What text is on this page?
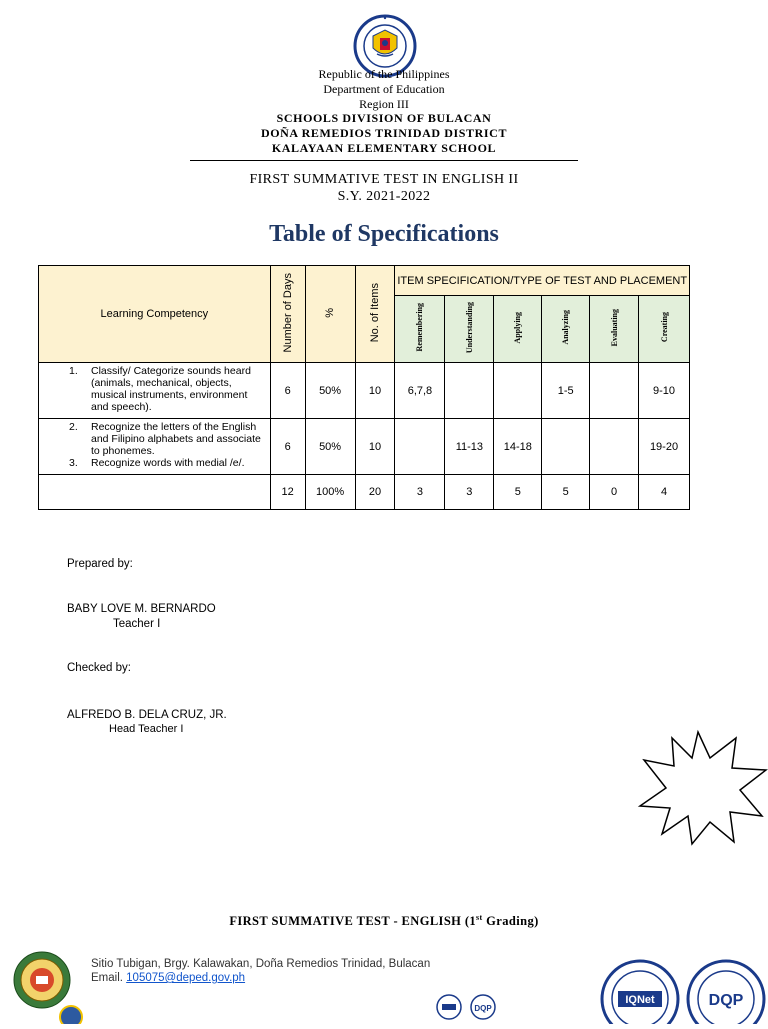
Republic of the Philippines
Department of Education
Region III
SCHOOLS DIVISION OF BULACAN
DOÑA REMEDIOS TRINIDAD DISTRICT
KALAYAAN ELEMENTARY SCHOOL
FIRST SUMMATIVE TEST IN ENGLISH II
S.Y. 2021-2022
Table of Specifications
Learning Competency	Number of Days	%	No. of Items	ITEM SPECIFICATION/TYPE OF TEST AND PLACEMENT					
				Remembering	Understanding	Applying	Analyzing	Evaluating	Creating

1. Classify/ Categorize sounds heard (animals, mechanical, objects, musical instruments, environment and speech).	6	50%	10	6,7,8			1-5		9-10

2. Recognize the letters of the English and Filipino alphabets and associate to phonemes.
3. Recognize words with medial /e/.	6	50%	10		11-13	14-18			19-20
	12	100%	20	3	3	5	5	0	4
Prepared by:
BABY LOVE M. BERNARDO
Teacher I
Checked by:
ALFREDO B. DELA CRUZ, JR.
Head Teacher I
FIRST SUMMATIVE TEST - ENGLISH (1st Grading)
Sitio Tubigan, Brgy. Kalawakan, Doña Remedios Trinidad, Bulacan
Email. 105075@deped.gov.ph
DQP
IQNet	DQP
